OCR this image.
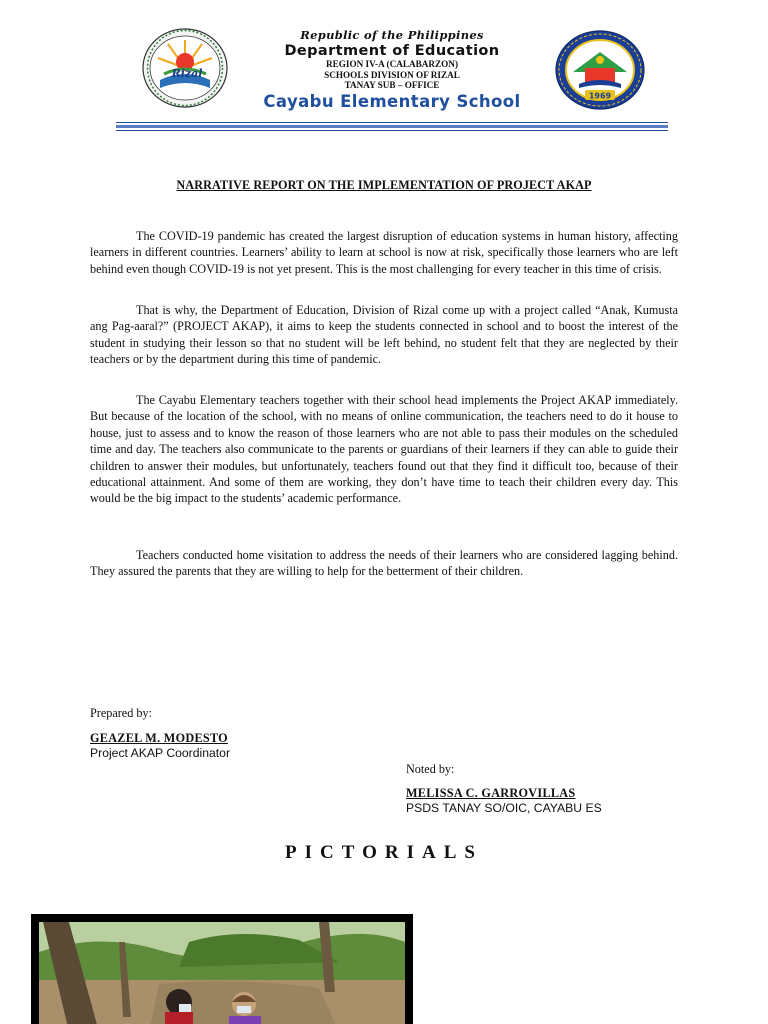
Rizal
Republic of the Philippines
Department of Education
REGION IV-A (CALABARZON)
SCHOOLS DIVISION OF RIZAL
TANAY SUB – OFFICE
Cayabu Elementary School	1969
NARRATIVE REPORT ON THE IMPLEMENTATION OF PROJECT AKAP

The COVID-19 pandemic has created the largest disruption of education systems in human history, affecting learners in different countries. Learners’ ability to learn at school is now at risk, specifically those learners who are left behind even though COVID-19 is not yet present. This is the most challenging for every teacher in this time of crisis.

That is why, the Department of Education, Division of Rizal come up with a project called “Anak, Kumusta ang Pag-aaral?” (PROJECT AKAP), it aims to keep the students connected in school and to boost the interest of the student in studying their lesson so that no student will be left behind, no student felt that they are neglected by their teachers or by the department during this time of pandemic.

The Cayabu Elementary teachers together with their school head implements the Project AKAP immediately. But because of the location of the school, with no means of online communication, the teachers need to do it house to house, just to assess and to know the reason of those learners who are not able to pass their modules on the scheduled time and day. The teachers also communicate to the parents or guardians of their learners if they can able to guide their children to answer their modules, but unfortunately, teachers found out that they find it difficult too, because of their educational attainment. And some of them are working, they don’t have time to teach their children every day. This would be the big impact to the students’ academic performance.

Teachers conducted home visitation to address the needs of their learners who are considered lagging behind. They assured the parents that they are willing to help for the betterment of their children.

Prepared by:
GEAZEL M. MODESTO
Project AKAP Coordinator
Noted by:
MELISSA C. GARROVILLAS
PSDS TANAY SO/OIC, CAYABU ES
PICTORIALS
